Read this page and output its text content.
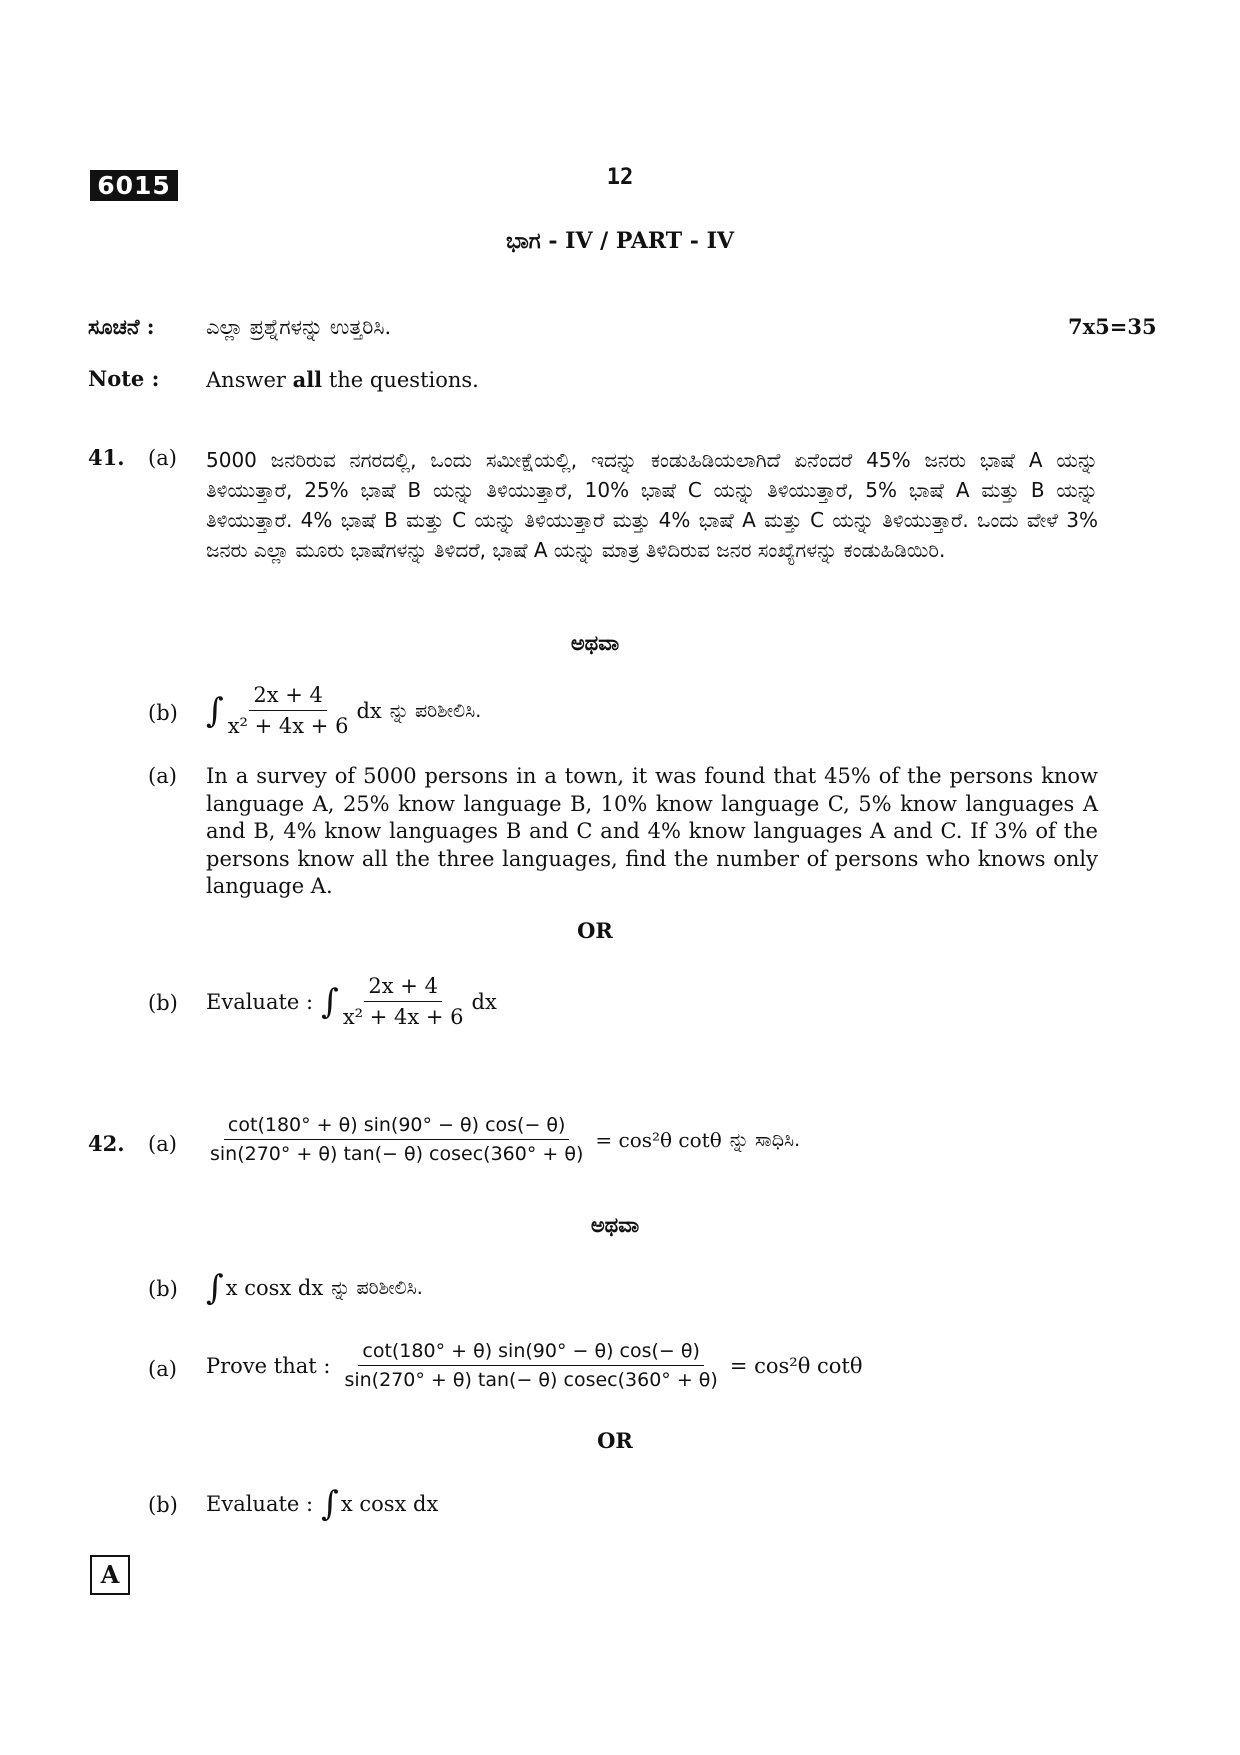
6015	12
ಭಾಗ - IV / PART - IV
ಸೂಚನೆ : ಎಲ್ಲಾ ಪ್ರಶ್ನೆಗಳನ್ನು ಉತ್ತರಿಸಿ.	7x5=35
Note : Answer all the questions.
41. (a) 5000 ಜನರಿರುವ ನಗರದಲ್ಲಿ, ಒಂದು ಸಮೀಕ್ಷೆಯಲ್ಲಿ, ಇದನ್ನು ಕಂಡುಹಿಡಿಯಲಾಗಿದೆ ಏನೆಂದರೆ 45% ಜನರು ಭಾಷೆ A ಯನ್ನು ತಿಳಿಯುತ್ತಾರೆ, 25% ಭಾಷೆ B ಯನ್ನು ತಿಳಿಯುತ್ತಾರೆ, 10% ಭಾಷೆ C ಯನ್ನು ತಿಳಿಯುತ್ತಾರೆ, 5% ಭಾಷೆ A ಮತ್ತು B ಯನ್ನು ತಿಳಿಯುತ್ತಾರೆ. 4% ಭಾಷೆ B ಮತ್ತು C ಯನ್ನು ತಿಳಿಯುತ್ತಾರೆ ಮತ್ತು 4% ಭಾಷೆ A ಮತ್ತು C ಯನ್ನು ತಿಳಿಯುತ್ತಾರೆ. ಒಂದು ವೇಳೆ 3% ಜನರು ಎಲ್ಲಾ ಮೂರು ಭಾಷೆಗಳನ್ನು ತಿಳಿದರೆ, ಭಾಷೆ A ಯನ್ನು ಮಾತ್ರ ತಿಳಿದಿರುವ ಜನರ ಸಂಖ್ಯೆಗಳನ್ನು ಕಂಡುಹಿಡಿಯಿರಿ.
ಅಥವಾ
(b) ∫ $\frac{2x + 4}{\text{x² + 4x + 6}}$ dx ನ್ನು ಪರಿಶೀಲಿಸಿ.
(a) In a survey of 5000 persons in a town, it was found that 45% of the persons know language A, 25% know language B, 10% know language C, 5% know languages A and B, 4% know languages B and C and 4% know languages A and C. If 3% of the persons know all the three languages, find the number of persons who knows only language A.
OR
(b) Evaluate : ∫ $\frac{2x + 4}{\text{x² + 4x + 6}}$ dx
42. $(a) \frac{\cot(180^\circ + \theta) \sin(90^\circ - \theta) \cos(- \theta)}{\sin(270^\circ + \theta) \tan(- \theta) cosec(360^\circ + \theta)} = \cos^2\theta$ cotθ ನ್ನು ಸಾಧಿಸಿ.
ಅಥವಾ
(b) ∫ x cosx dx ನ್ನು ಪರಿಶೀಲಿಸಿ.
(a) Prove that : $\frac{\cot(180^\circ + \theta) \sin(90^\circ - \theta) \cos(- \theta)}{\sin(270^\circ + \theta) \tan(- \theta) cosec(360^\circ + \theta)} = \cos^2\theta$ cotθ
OR
(b) Evaluate : ∫ x cosx dx
A
